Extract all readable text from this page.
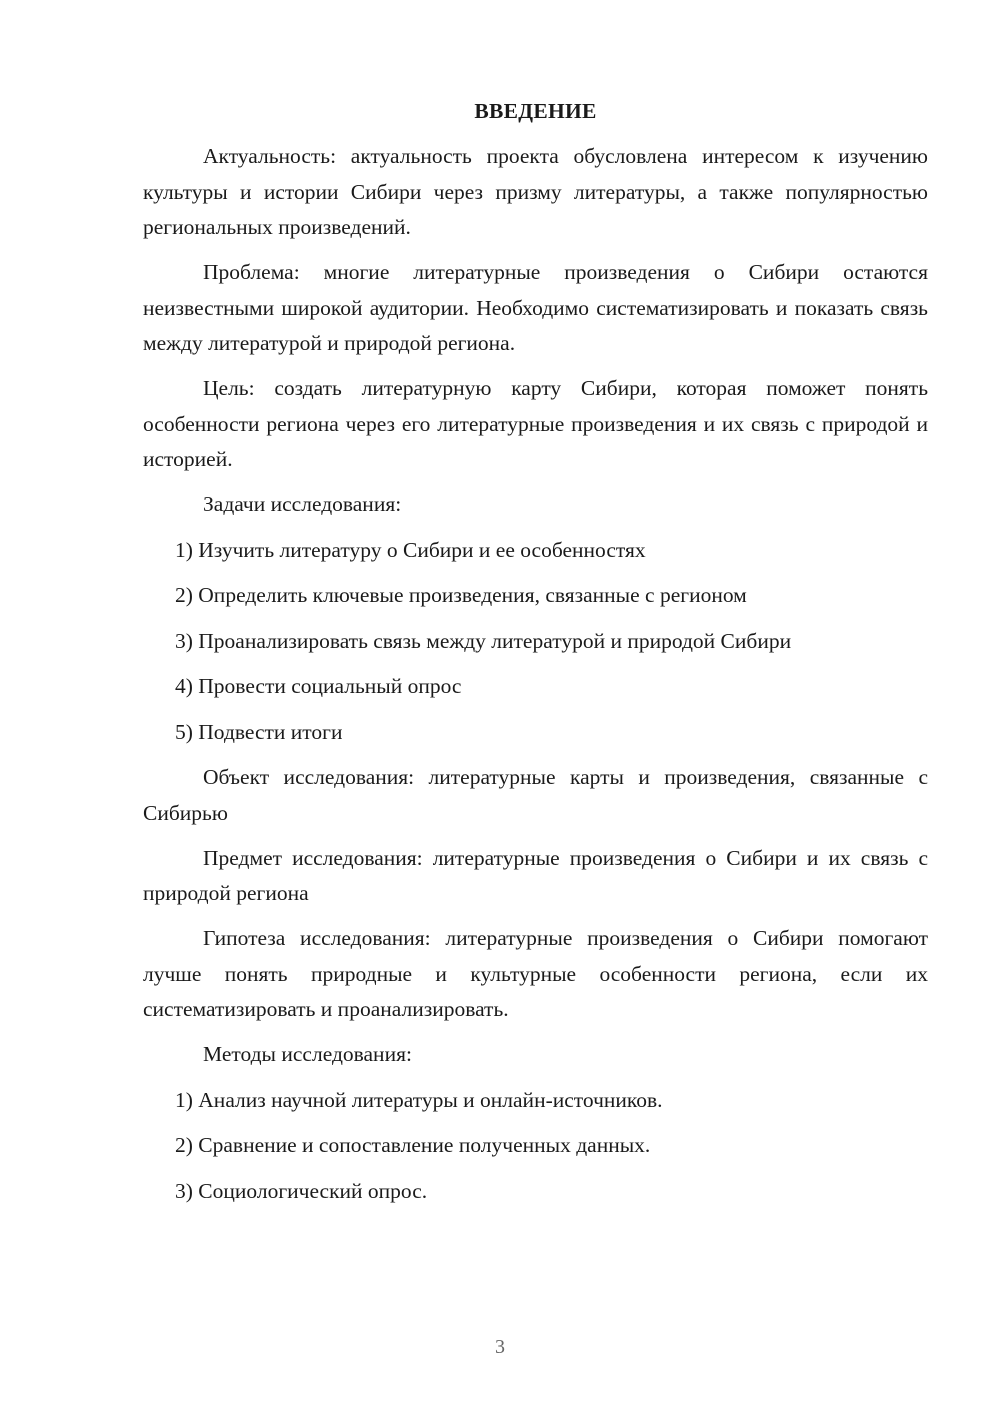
ВВЕДЕНИЕ

Актуальность: актуальность проекта обусловлена интересом к изучению культуры и истории Сибири через призму литературы, а также популярностью региональных произведений.

Проблема: многие литературные произведения о Сибири остаются неизвестными широкой аудитории. Необходимо систематизировать и показать связь между литературой и природой региона.

Цель: создать литературную карту Сибири, которая поможет понять особенности региона через его литературные произведения и их связь с природой и историей.

Задачи исследования:
1) Изучить литературу о Сибири и ее особенностях
2) Определить ключевые произведения, связанные с регионом
3) Проанализировать связь между литературой и природой Сибири
4) Провести социальный опрос
5) Подвести итоги

Объект исследования: литературные карты и произведения, связанные с Сибирью

Предмет исследования: литературные произведения о Сибири и их связь с природой региона

Гипотеза исследования: литературные произведения о Сибири помогают лучше понять природные и культурные особенности региона, если их систематизировать и проанализировать.

Методы исследования:
1) Анализ научной литературы и онлайн-источников.
2) Сравнение и сопоставление полученных данных.
3) Социологический опрос.
3
